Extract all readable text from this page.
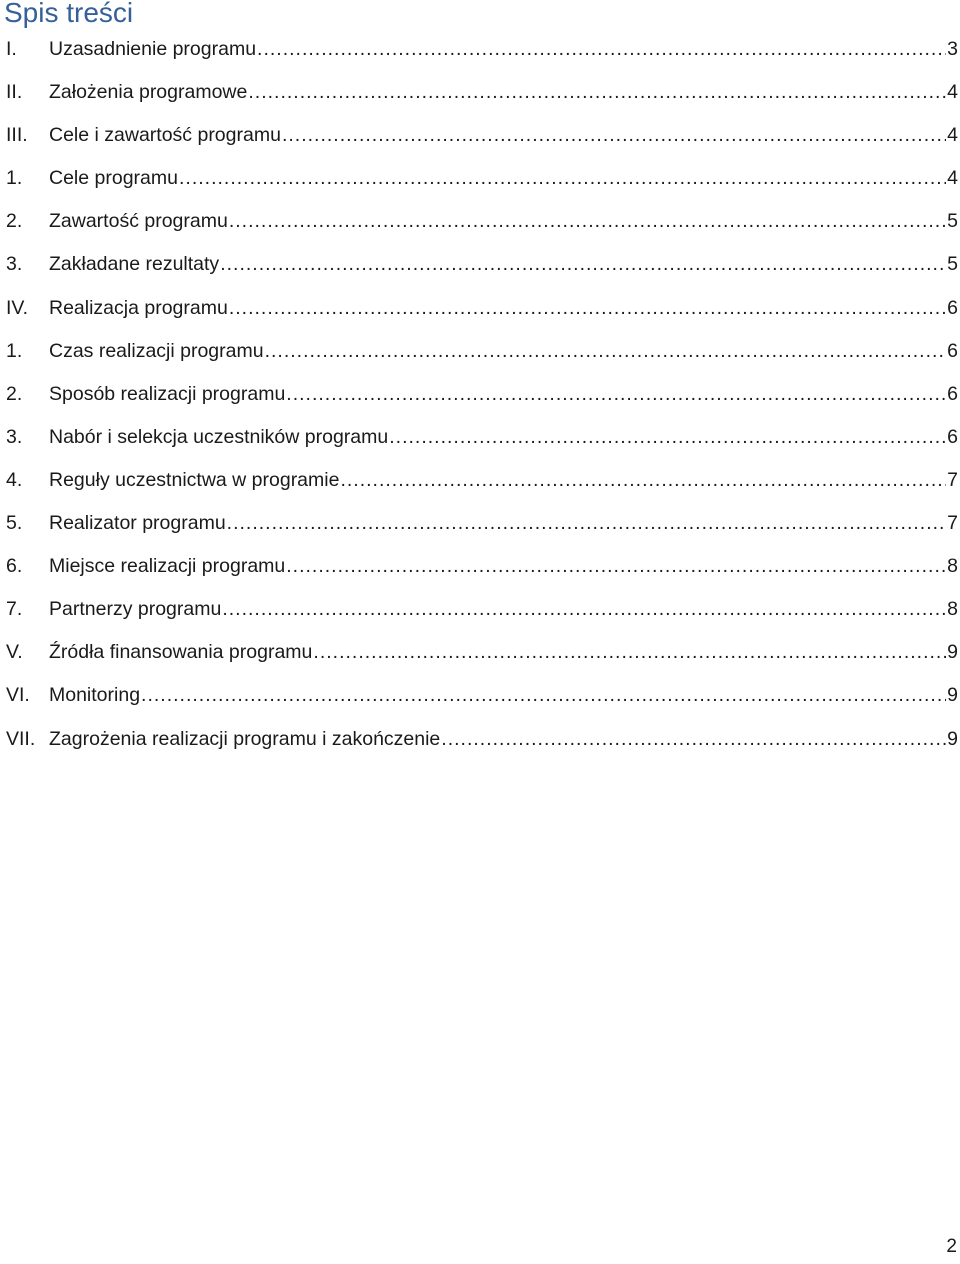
Spis treści
I.	Uzasadnienie programu .....	3
II.	Założenia programowe .....	4
III.	Cele i zawartość programu .....	4
1.	Cele programu .....	4
2.	Zawartość programu .....	5
3.	Zakładane rezultaty .....	5
IV.	Realizacja programu .....	6
1.	Czas realizacji programu .....	6
2.	Sposób realizacji programu .....	6
3.	Nabór i selekcja uczestników programu .....	6
4.	Reguły uczestnictwa w programie .....	7
5.	Realizator programu .....	7
6.	Miejsce realizacji programu .....	8
7.	Partnerzy programu .....	8
V.	Źródła finansowania programu .....	9
VI. Monitoring .....	9
VII. Zagrożenia realizacji programu i zakończenie .....	9
2
